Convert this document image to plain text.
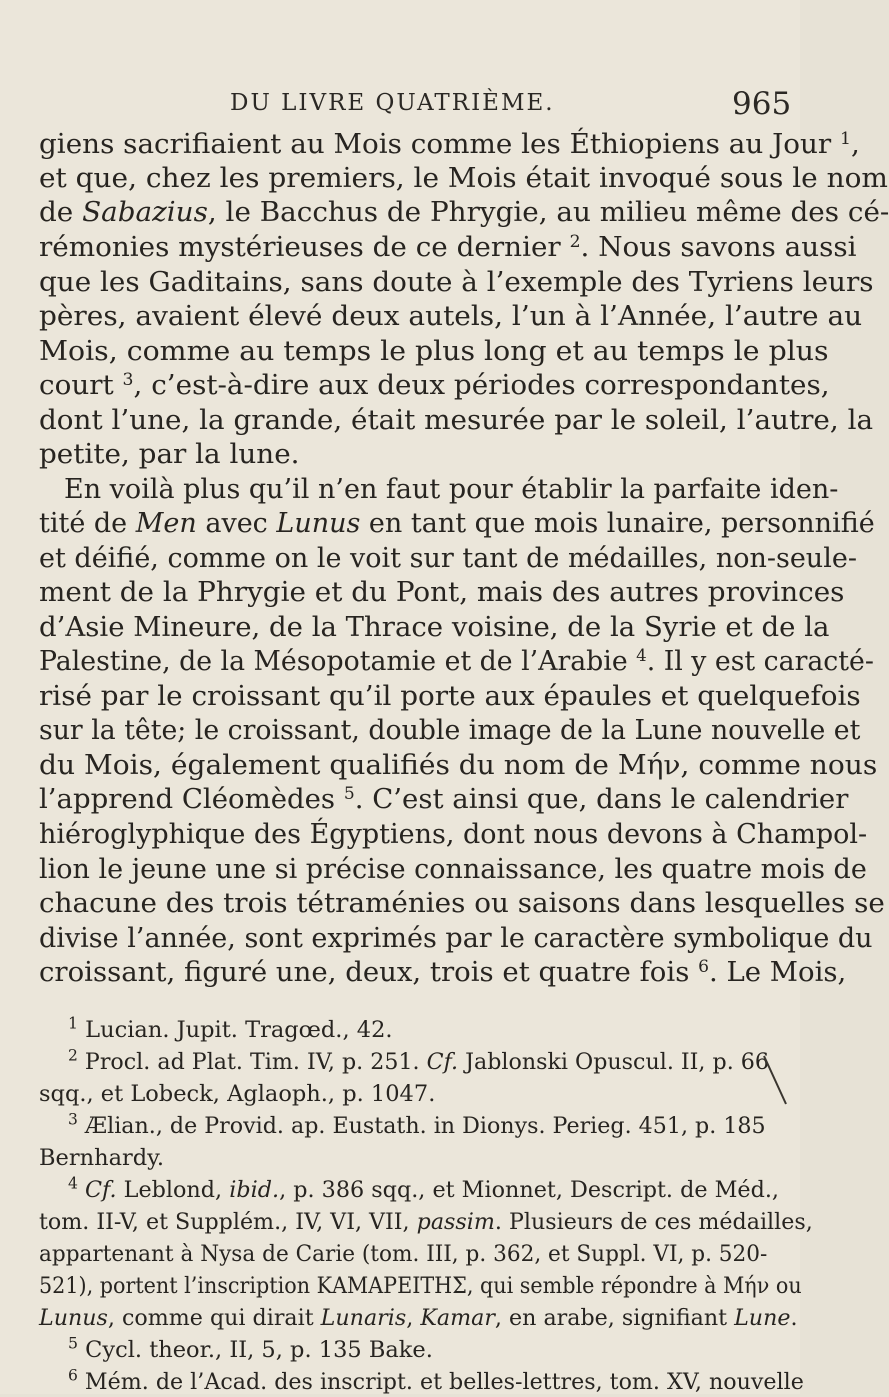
DU LIVRE QUATRIÈME.	965
giens sacrifiaient au Mois comme les Éthiopiens au Jour $^1$,
et que, chez les premiers, le Mois était invoqué sous le nom
de Sabazius, le Bacchus de Phrygie, au milieu même des cé-
rémonies mystérieuses de ce dernier $^2$. Nous savons aussi
que les Gaditains, sans doute à l’exemple des Tyriens leurs
pères, avaient élevé deux autels, l’un à l’Année, l’autre au
Mois, comme au temps le plus long et au temps le plus
court $^3$, c’est-à-dire aux deux périodes correspondantes,
dont l’une, la grande, était mesurée par le soleil, l’autre, la
petite, par la lune.
En voilà plus qu’il n’en faut pour établir la parfaite iden-
tité de Men avec Lunus en tant que mois lunaire, personnifié
et déifié, comme on le voit sur tant de médailles, non-seule-
ment de la Phrygie et du Pont, mais des autres provinces
d’Asie Mineure, de la Thrace voisine, de la Syrie et de la
Palestine, de la Mésopotamie et de l’Arabie $^4$. Il y est caracté-
risé par le croissant qu’il porte aux épaules et quelquefois
sur la tête; le croissant, double image de la Lune nouvelle et
du Mois, également qualifiés du nom de Μήν, comme nous
l’apprend Cléomèdes $^5$. C’est ainsi que, dans le calendrier
hiéroglyphique des Égyptiens, dont nous devons à Champol-
lion le jeune une si précise connaissance, les quatre mois de
chacune des trois tétraménies ou saisons dans lesquelles se
divise l’année, sont exprimés par le caractère symbolique du
croissant, figuré une, deux, trois et quatre fois $^6$. Le Mois,
$^1$ Lucian. Jupit. Tragœd., 42.
$^2$ Procl. ad Plat. Tim. IV, p. 251. Cf. Jablonski Opuscul. II, p. 66
sqq., et Lobeck, Aglaoph., p. 1047.
$^3$ Ælian., de Provid. ap. Eustath. in Dionys. Perieg. 451, p. 185
Bernhardy.
$^4$ Cf. Leblond, ibid., p. 386 sqq., et Mionnet, Descript. de Méd.,
tom. II-V, et Supplém., IV, VI, VII, passim. Plusieurs de ces médailles,
appartenant à Nysa de Carie (tom. III, p. 362, et Suppl. VI, p. 520-
521), portent l’inscription ΚΑΜΑΡΕΙΤΗΣ, qui semble répondre à Μήν ou
Lunus, comme qui dirait Lunaris, Kamar, en arabe, signifiant Lune.
$^5$ Cycl. theor., II, 5, p. 135 Bake.
$^6$ Mém. de l’Acad. des inscript. et belles-lettres, tom. XV, nouvelle
